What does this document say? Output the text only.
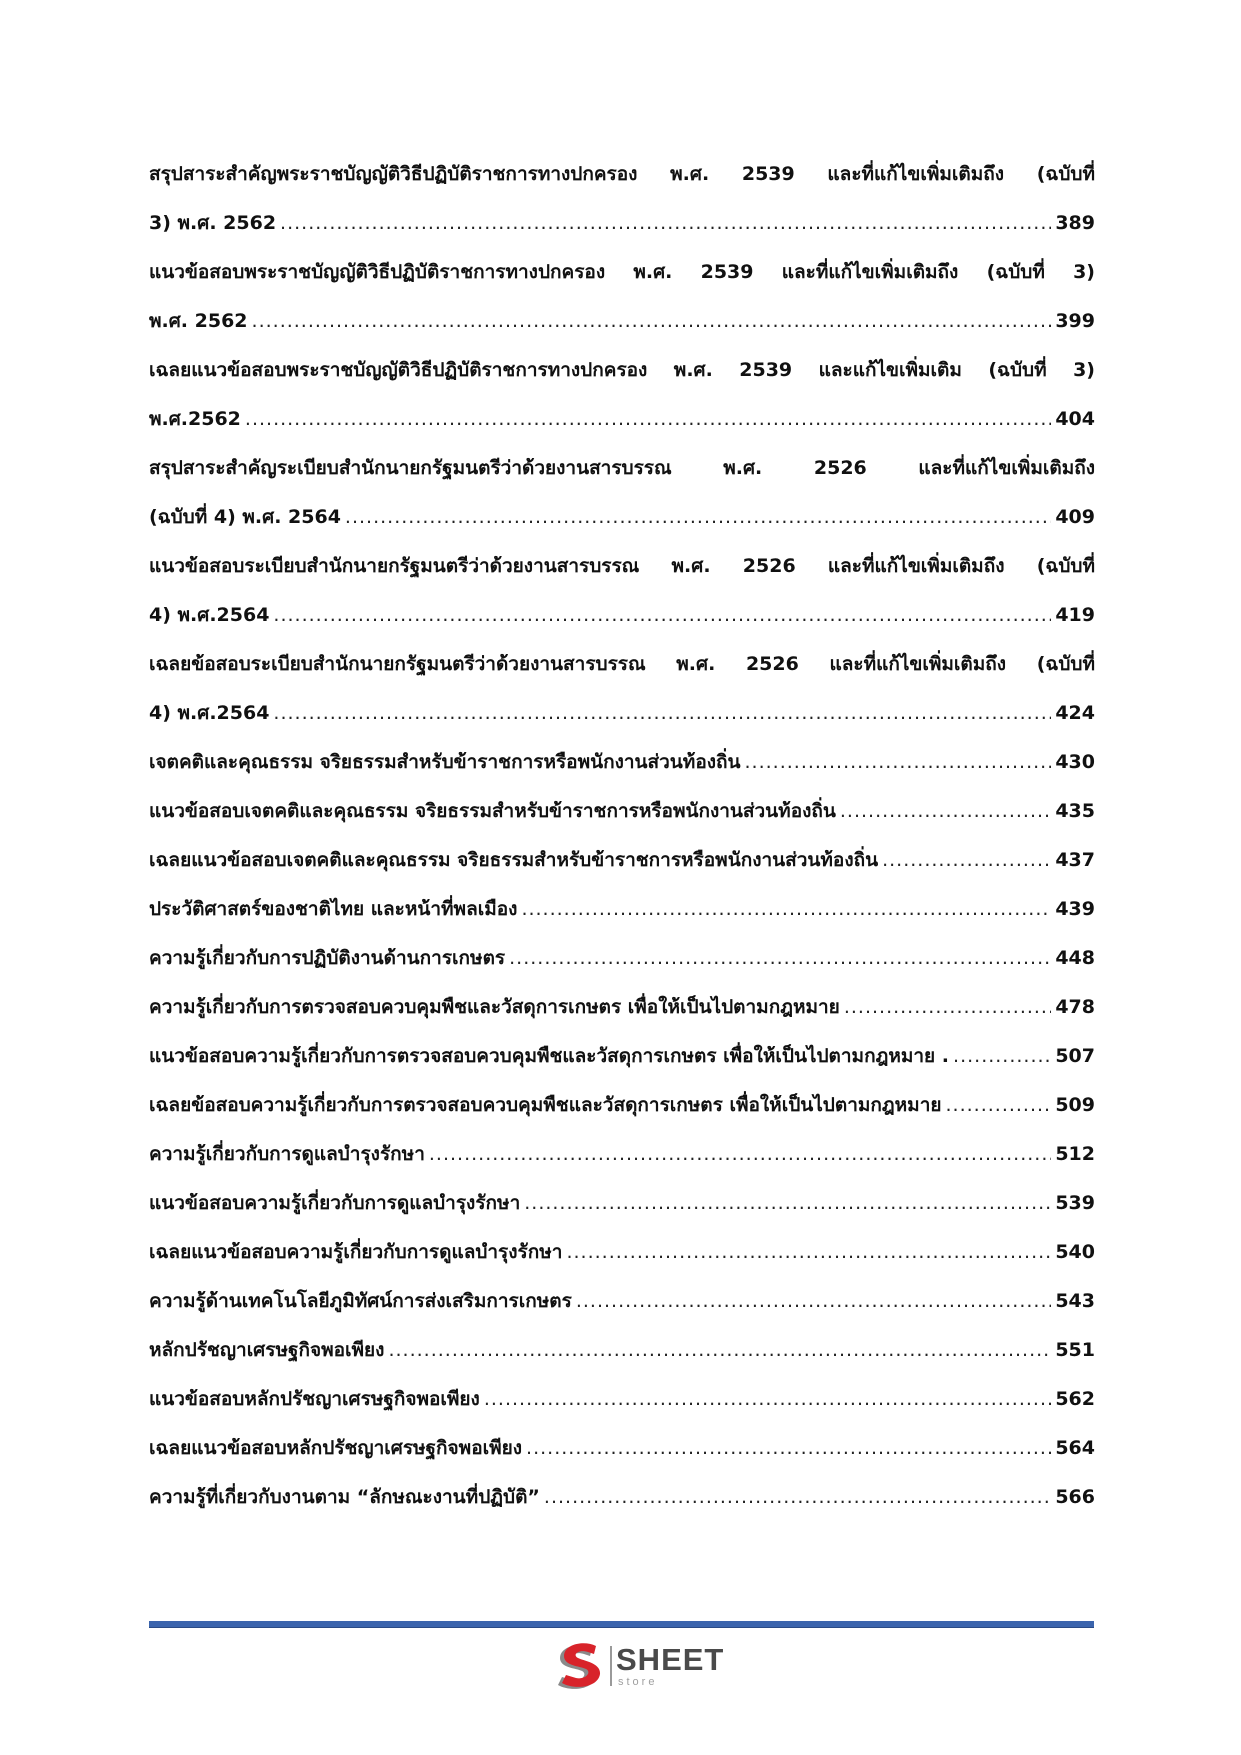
สรุปสาระสำคัญพระราชบัญญัติวิธีปฏิบัติราชการทางปกครอง พ.ศ. 2539 และที่แก้ไขเพิ่มเติมถึง (ฉบับที่
3) พ.ศ. 2562 .....	389
แนวข้อสอบพระราชบัญญัติวิธีปฏิบัติราชการทางปกครอง พ.ศ. 2539 และที่แก้ไขเพิ่มเติมถึง (ฉบับที่ 3)
พ.ศ. 2562 .....	399
เฉลยแนวข้อสอบพระราชบัญญัติวิธีปฏิบัติราชการทางปกครอง พ.ศ. 2539 และแก้ไขเพิ่มเติม (ฉบับที่ 3)
พ.ศ.2562 .....	404
สรุปสาระสำคัญระเบียบสำนักนายกรัฐมนตรีว่าด้วยงานสารบรรณ พ.ศ. 2526 และที่แก้ไขเพิ่มเติมถึง
(ฉบับที่ 4) พ.ศ. 2564 .....	409
แนวข้อสอบระเบียบสำนักนายกรัฐมนตรีว่าด้วยงานสารบรรณ พ.ศ. 2526 และที่แก้ไขเพิ่มเติมถึง (ฉบับที่
4) พ.ศ.2564 .....	419
เฉลยข้อสอบระเบียบสำนักนายกรัฐมนตรีว่าด้วยงานสารบรรณ พ.ศ. 2526 และที่แก้ไขเพิ่มเติมถึง (ฉบับที่
4) พ.ศ.2564 .....	424
เจตคติและคุณธรรม จริยธรรมสำหรับข้าราชการหรือพนักงานส่วนท้องถิ่น .....	430
แนวข้อสอบเจตคติและคุณธรรม จริยธรรมสำหรับข้าราชการหรือพนักงานส่วนท้องถิ่น .....	435
เฉลยแนวข้อสอบเจตคติและคุณธรรม จริยธรรมสำหรับข้าราชการหรือพนักงานส่วนท้องถิ่น .....	437
ประวัติศาสตร์ของชาติไทย และหน้าที่พลเมือง .....	439
ความรู้เกี่ยวกับการปฏิบัติงานด้านการเกษตร .....	448
ความรู้เกี่ยวกับการตรวจสอบควบคุมพืชและวัสดุการเกษตร เพื่อให้เป็นไปตามกฎหมาย .....	478
แนวข้อสอบความรู้เกี่ยวกับการตรวจสอบควบคุมพืชและวัสดุการเกษตร เพื่อให้เป็นไปตามกฎหมาย . .....	507
เฉลยข้อสอบความรู้เกี่ยวกับการตรวจสอบควบคุมพืชและวัสดุการเกษตร เพื่อให้เป็นไปตามกฎหมาย .....	509
ความรู้เกี่ยวกับการดูแลบำรุงรักษา .....	512
แนวข้อสอบความรู้เกี่ยวกับการดูแลบำรุงรักษา .....	539
เฉลยแนวข้อสอบความรู้เกี่ยวกับการดูแลบำรุงรักษา .....	540
ความรู้ด้านเทคโนโลยีภูมิทัศน์การส่งเสริมการเกษตร .....	543
หลักปรัชญาเศรษฐกิจพอเพียง .....	551
แนวข้อสอบหลักปรัชญาเศรษฐกิจพอเพียง .....	562
เฉลยแนวข้อสอบหลักปรัชญาเศรษฐกิจพอเพียง .....	564
ความรู้ที่เกี่ยวกับงานตาม “ลักษณะงานที่ปฏิบัติ” .....	566
SHEET
store
